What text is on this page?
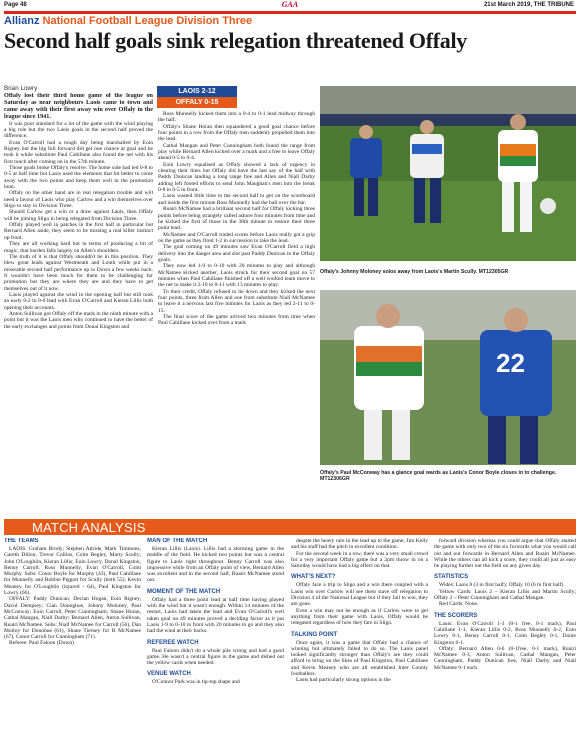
Page 48	GAA	21st March 2019, THE TRIBUNE
Allianz National Football League Division Three
Second half goals sink relegation threatened Offaly
Brian Lowry	LAOIS 2-12
OFFALY 0-15

Offaly lost their third home game of the league on Saturday as near neighbours Laois came to town and came away with their first away win over Offaly in the league since 1941.

It was poor standard for a lot of the game with the wind playing a big role but the two Laois goals in the second half proved the difference.

Evan O'Carroll had a tough day being marshalled by Eoin Rigney but the big full forward did get one chance at goal and he took it while substitute Paul Cahillane also found the net with his first touch after coming on in the 57th minute.

Those goals broke Offaly's resolve. The home side had led 0-8 to 0-5 at half time but Laois used the elements that bit better to come away with the two points and keep them well in the promotion hunt.

Offaly on the other hand are in real relegation trouble and will need a favour of Laois who play Carlow and a win themselves over Sligo to stay in Division Three.

Should Carlow get a win or a draw against Laois, then Offaly will be joining Sligo in being relegated from Division Three.

Offaly played well in patches in the first half in particular but Bernard Allen aside, they seem to be missing a real killer instinct up front.

They are all working hard but in terms of producing a bit of magic, that burden falls largely on Allen's shoulders.

The truth of it is that Offaly shouldn't be in this position. They blew great leads against Westmeath and Louth while put in a miserable second half performance up in Down a few weeks back. It wouldn't have been much for them to be challenging for promotion but they are where they are and they have to get themselves out of it now.

Laois played against the wind in the opening half but still took an early 0-2 to 0-0 lead with Evan O'Carroll and Kieran Lillis both opening their accounts.

Anton Sullivan got Offaly off the mark in the ninth minute with a point but it was the Laois men who continued to have the better of the early exchanges and points from Donal Kingston and

Ross Munnelly kicked them into a 0-4 to 0-1 lead midway through the half.

Offaly's Shane Horan then squandered a good goal chance before four points in a row from the Offaly men suddenly propelled them into the lead.

Cathal Mangan and Peter Cunningham both found the range from play while Bernard Allen kicked over a mark and a free to leave Offaly ahead 0-5 to 0-4.

Eoin Lowry equalised as Offaly showed a lack of urgency in clearing their lines but Offaly did have the last say of the half with Paddy Dunican landing a long range free and Allen and Niall Darby adding left footed efforts to send John Maughan's men into the break 0-8 to 0-5 in front.

Laois wasted little time in the second half to get on the scoreboard and inside the first minute Ross Munnelly had the ball over the bar.

Ruairi McNamee had a brilliant second half for Offaly kicking three points before being strangely called ashore four minutes from time and he kicked the first of those in the 38th minute to restore their three point lead.

McNamee and O'Carroll traded scores before Laois really got a grip on the game as they fired 1-2 in succession to take the lead.

The goal coming on 49 minutes saw Evan O'Carroll field a high delivery into the danger area and slot past Paddy Dunican in the Offaly goals.

They now led 1-9 to 0-10 with 20 minutes to play and although McNamee kicked another, Laois struck for their second goal on 57 minutes when Paul Cahillane finished off a well worked team move to the net to make it 2-10 to 0-11 with 13 minutes to play.

To their credit, Offaly refused to lie down and they kicked the next four points, three from Allen and one from substitute Niall McNamee to leave it a nervous last five minutes for Laois as they led 2-11 to 0-15.

The final score of the game arrived two minutes from time when Paul Cahillane kicked over from a mark

Offaly's Johnny Moloney solos away from Laois's Martin Scully. MT12305GR
22
Offaly's Paul McConway has a glance goal wards as Laois's Conor Boyle closes in to challenge. MT12306GR
MATCH ANALYSIS

THE TEAMS

LAOIS: Graham Brody; Stephen Attride, Mark Timmons, Gareth Dillon; Trevor Collins, Colm Begley, Marty Scully; John O'Loughlin, Kieran Lillis; Eoin Lowry, Donal Kingston, Benny Carroll; Ross Munnelly, Evan O'Carroll, Colm Murphy. Subs: Conor Boyle for Murphy (43), Paul Cahillane for Munnelly and Robbie Piggott for Scully (both 55), Kevin Meaney for O'Loughlin (injured - 64), Paul Kingston for Lowry (66).

OFFALY: Paddy Dunican; Declan Hogan, Eoin Rigney, David Dempsey; Cian Donoghue, Johnny Moloney, Paul McConway; Eoin Carroll, Peter Cunningham; Shane Horan, Cathal Mangan, Niall Darby; Bernard Allen, Anton Sullivan, Ruairi McNamee. Subs: Niall McNamee for Carroll (56), Dan Molloy for Donohue (61), Shane Tierney for R McNamee (67), Conor Carroll for Cunningham (71).

Referee: Paul Faloon (Down)

MAN OF THE MATCH

Kieran Lillis (Laois). Lillis had a storming game in the middle of the field. He kicked two points but was a central figure to Laois right throughout. Benny Carroll was also impressive while from an Offaly point of view, Bernard Allen was excellent and in the second half, Ruairi McNamee stood out.

MOMENT OF THE MATCH

Offaly had a three point lead at half time having played with the wind but it wasn't enough. Within 14 minutes of the restart, Laois had taken the lead and Evan O'Carroll's well taken goal on 49 minutes proved a deciding factor as it put Laois 1-9 to 0-10 in front with 20 minutes to go and they also had the wind at their backs.

REFEREE WATCH

Paul Faloon didn't do a whole pile wrong and had a good game. He wasn't a central figure in the game and dished out the yellow cards when needed.

VENUE WATCH

O'Connor Park was in tip-top shape and

despite the heavy rain in the lead up to the game, Jim Kelly and his staff had the pitch in excellent condition.

For the second week in a row, there was a very small crowd for a very important Offaly game but a 2pm throw in on a Saturday would have had a big effect on that.

WHAT'S NEXT?

Offaly face a trip to Sligo and a win there coupled with a Laois win over Carlow will see them stave off relegation to Division 4 of the National League but if they fail to win, they are gone.

Even a win may not be enough as if Carlow were to get anything from their game with Laois, Offaly would be relegated regardless of how they fare in Sligo.

TALKING POINT

Once again, it was a game that Offaly had a chance of winning but ultimately failed to do so. The Laois panel looked significantly stronger than Offaly's are they could afford to bring on the likes of Paul Kingston, Paul Cahillane and Kevin Meaney who are all established Inter County footballers.

Laois had particularly strong options in the

forward division whereas you could argue that Offaly started the game with only two of the six forwards what you would call out and out forwards in Bernard Allen and Ruairi McNamee. While the others can all kick a score, they could all just as easy be playing further out the field on any given day.

STATISTICS

Wides: Laois 8 (3 in first half); Offaly 10 (6 in first half)

Yellow Cards: Laois 2 – Kieran Lillis and Martin Scully; Offaly 2 – Peter Cunningham and Cathal Mangan.

Red Cards: None.

THE SCORERS

Laois: Evan O'Carroll 1-3 (0-1 free, 0-1 mark), Paul Cahillane 1-1, Kieran Lillis 0-2, Ross Munnelly 0-2, Eoin Lowry 0-1, Benny Carroll 0-1, Colm Begley 0-1, Donie Kingston 0-1.

Offaly: Bernard Allen 0-6 (0-1free, 0-1 mark), Ruairi McNamee 0-3, Anton Sullivan, Cathal Mangan, Peter Cunningham, Paddy Dunican free, Niall Darby and Niall McNamee 0-1 each.
